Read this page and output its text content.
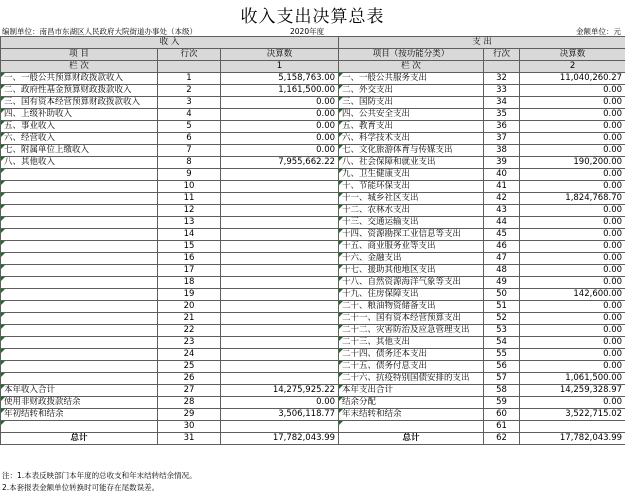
收入支出决算总表
编制单位：南昌市东湖区人民政府大院街道办事处（本级）	2020年度	金额单位：元
收 入			支 出		
项 目	行次	决算数	项目（按功能分类）	行次	决算数
栏 次		1	栏 次		2
一、一般公共预算财政拨款收入	1	5,158,763.00	一、一般公共服务支出	32	11,040,260.27
二、政府性基金预算财政拨款收入	2	1,161,500.00	二、外交支出	33	0.00
三、国有资本经营预算财政拨款收入	3	0.00	三、国防支出	34	0.00
四、上级补助收入	4	0.00	四、公共安全支出	35	0.00
五、事业收入	5	0.00	五、教育支出	36	0.00
六、经营收入	6	0.00	六、科学技术支出	37	0.00
七、附属单位上缴收入	7	0.00	七、文化旅游体育与传媒支出	38	0.00
八、其他收入	8	7,955,662.22	八、社会保障和就业支出	39	190,200.00
	9		九、卫生健康支出	40	0.00
	10		十、节能环保支出	41	0.00
	11		十一、城乡社区支出	42	1,824,768.70
	12		十二、农林水支出	43	0.00
	13		十三、交通运输支出	44	0.00
	14		十四、资源勘探工业信息等支出	45	0.00
	15		十五、商业服务业等支出	46	0.00
	16		十六、金融支出	47	0.00
	17		十七、援助其他地区支出	48	0.00
	18		十八、自然资源海洋气象等支出	49	0.00
	19		十九、住房保障支出	50	142,600.00
	20		二十、粮油物资储备支出	51	0.00
	21		二十一、国有资本经营预算支出	52	0.00
	22		二十二、灾害防治及应急管理支出	53	0.00
	23		二十三、其他支出	54	0.00
	24		二十四、债务还本支出	55	0.00
	25		二十五、债务付息支出	56	0.00
	26		二十六、抗疫特别国债安排的支出	57	1,061,500.00
本年收入合计	27	14,275,925.22	本年支出合计	58	14,259,328.97
使用非财政拨款结余	28	0.00	结余分配	59	0.00
年初结转和结余	29	3,506,118.77	年末结转和结余	60	3,522,715.02
	30			61	
总计	31	17,782,043.99	总计	62	17,782,043.99
注：1.本表反映部门本年度的总收支和年末结转结余情况。
2.本套报表金额单位转换时可能存在尾数误差。
